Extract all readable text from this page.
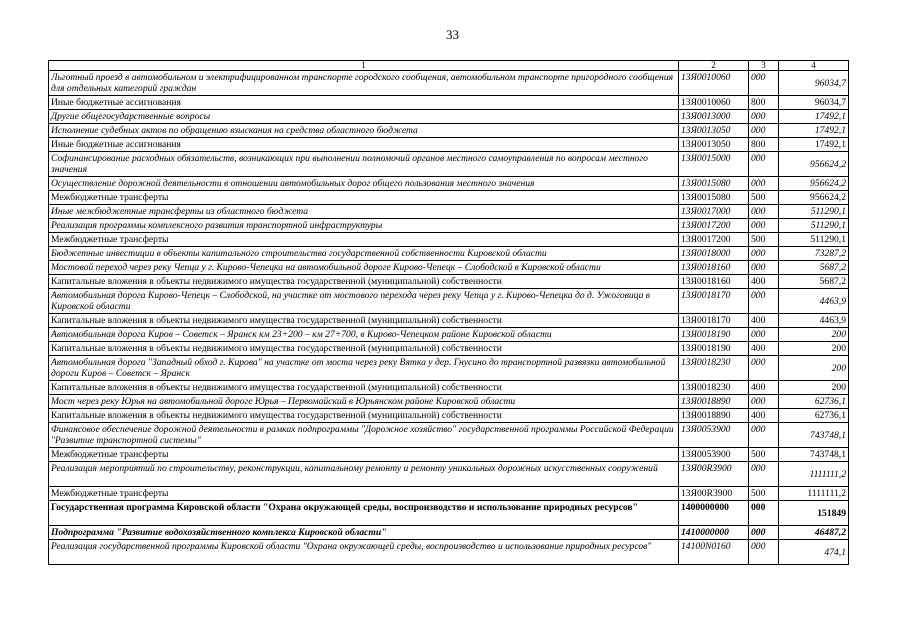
33
1	2	3	4
Льготный проезд в автомобильном и электрифицированном транспорте городского сообщения, автомобильном транспорте пригородного сообщения для отдельных категорий граждан	13Я0010060	000	96034,7
Иные бюджетные ассигнования	13Я0010060	800	96034,7
Другие общегосударственные вопросы	13Я0013000	000	17492,1
Исполнение судебных актов по обращению взыскания на средства областного бюджета	13Я0013050	000	17492,1
Иные бюджетные ассигнования	13Я0013050	800	17492,1
Софинансирование расходных обязательств, возникающих при выполнении полномочий органов местного самоуправления по вопросам местного значения	13Я0015000	000	956624,2
Осуществление дорожной деятельности в отношении автомобильных дорог общего пользования местного значения	13Я0015080	000	956624,2
Межбюджетные трансферты	13Я0015080	500	956624,2
Иные межбюджетные трансферты из областного бюджета	13Я0017000	000	511290,1
Реализация программы комплексного развития транспортной инфраструктуры	13Я0017200	000	511290,1
Межбюджетные трансферты	13Я0017200	500	511290,1
Бюджетные инвестиции в объекты капитального строительства государственной собственности Кировской области	13Я0018000	000	73287,2
Мостовой переход через реку Чепца у г. Кирово-Чепецка на автомобильной дороге Кирово-Чепецк – Слободской в Кировской области	13Я0018160	000	5687,2
Капитальные вложения в объекты недвижимого имущества государственной (муниципальной) собственности	13Я0018160	400	5687,2
Автомобильная дорога Кирово-Чепецк – Слободской, на участке от мостового перехода через реку Чепца у г. Кирово-Чепецка до д. Ужоговица в Кировской области	13Я0018170	000	4463,9
Капитальные вложения в объекты недвижимого имущества государственной (муниципальной) собственности	13Я0018170	400	4463,9
Автомобильная дорога Киров – Советск – Яранск км 23+200 – км 27+700, в Кирово-Чепецком районе Кировской области	13Я0018190	000	200
Капитальные вложения в объекты недвижимого имущества государственной (муниципальной) собственности	13Я0018190	400	200
Автомобильная дорога "Западный обход г. Кирова" на участке от моста через реку Вятка у дер. Гнусино до транспортной развязки автомобильной дороги Киров – Советск – Яранск	13Я0018230	000	200
Капитальные вложения в объекты недвижимого имущества государственной (муниципальной) собственности	13Я0018230	400	200
Мост через реку Юрья на автомобильной дороге Юрья – Первомайский в Юрьянском районе Кировской области	13Я0018890	000	62736,1
Капитальные вложения в объекты недвижимого имущества государственной (муниципальной) собственности	13Я0018890	400	62736,1
Финансовое обеспечение дорожной деятельности в рамках подпрограммы "Дорожное хозяйство" государственной программы Российской Федерации "Развитие транспортной системы"	13Я0053900	000	743748,1
Межбюджетные трансферты	13Я0053900	500	743748,1
Реализация мероприятий по строительству, реконструкции, капитальному ремонту и ремонту уникальных дорожных искусственных сооружений	13Я00R3900	000	1111111,2
Межбюджетные трансферты	13Я00R3900	500	1111111,2
Государственная программа Кировской области "Охрана окружающей среды, воспроизводство и использование природных ресурсов"	1400000000	000	151849
Подпрограмма "Развитие водохозяйственного комплекса Кировской области"	1410000000	000	46487,2
Реализация государственной программы Кировской области "Охрана окружающей среды, воспроизводство и использование природных ресурсов"	14100N0160	000	474,1
